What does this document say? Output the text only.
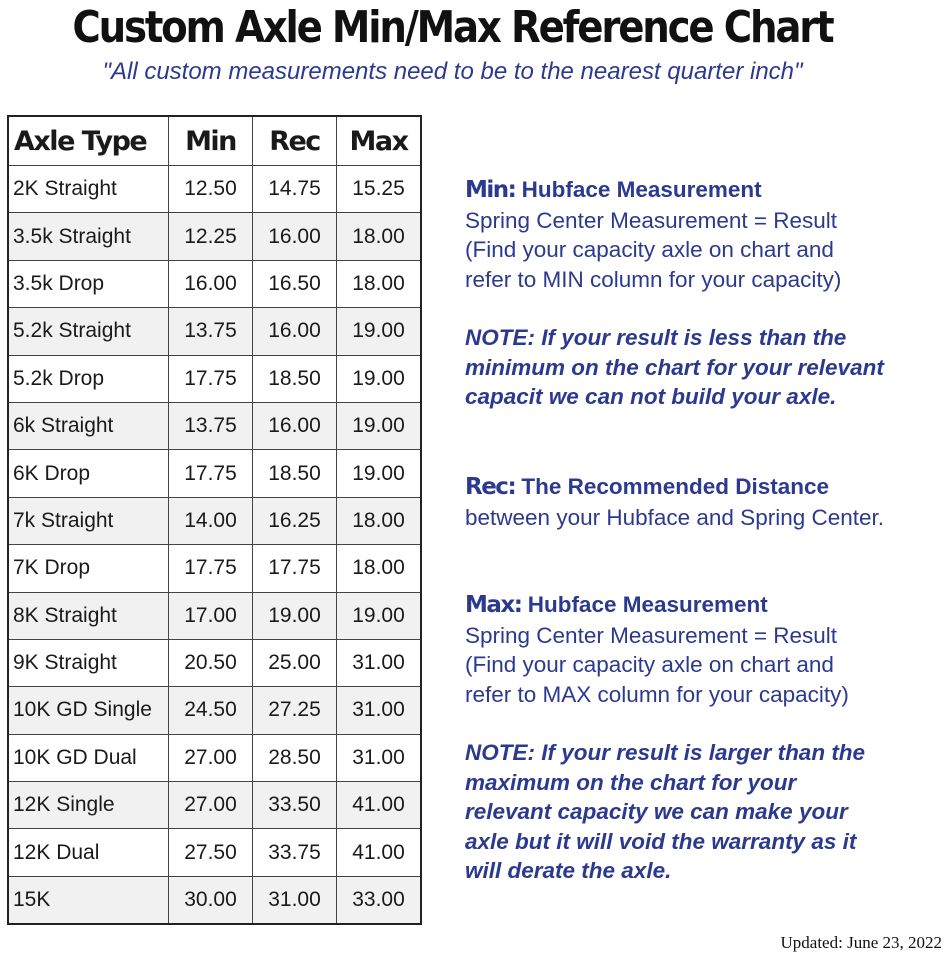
Custom Axle Min/Max Reference Chart
"All custom measurements need to be to the nearest quarter inch"
Axle Type	Min	Rec	Max
2K Straight	12.50	14.75	15.25
3.5k Straight	12.25	16.00	18.00
3.5k Drop	16.00	16.50	18.00
5.2k Straight	13.75	16.00	19.00
5.2k Drop	17.75	18.50	19.00
6k Straight	13.75	16.00	19.00
6K Drop	17.75	18.50	19.00
7k Straight	14.00	16.25	18.00
7K Drop	17.75	17.75	18.00
8K Straight	17.00	19.00	19.00
9K Straight	20.50	25.00	31.00
10K GD Single	24.50	27.25	31.00
10K GD Dual	27.00	28.50	31.00
12K Single	27.00	33.50	41.00
12K Dual	27.50	33.75	41.00
15K	30.00	31.00	33.00
Min: Hubface Measurement
Spring Center Measurement = Result
(Find your capacity axle on chart and
refer to MIN column for your capacity)
NOTE: If your result is less than the
minimum on the chart for your relevant
capacit we can not build your axle.
Rec: The Recommended Distance
between your Hubface and Spring Center.
Max: Hubface Measurement
Spring Center Measurement = Result
(Find your capacity axle on chart and
refer to MAX column for your capacity)
NOTE: If your result is larger than the
maximum on the chart for your
relevant capacity we can make your
axle but it will void the warranty as it
will derate the axle.
Updated: June 23, 2022
